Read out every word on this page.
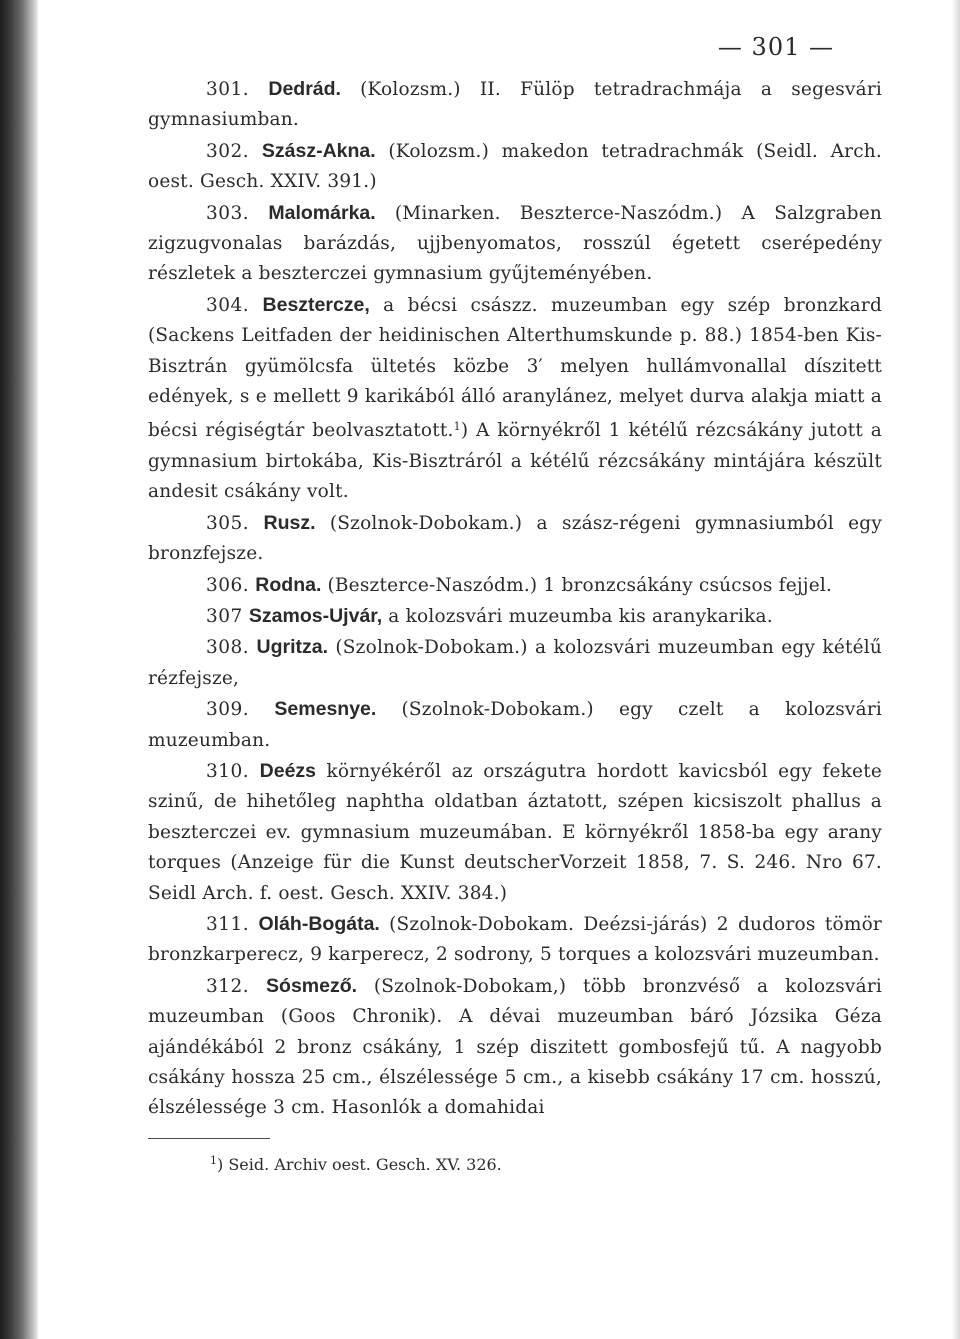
— 301 —

301. Dedrád. (Kolozsm.) II. Fülöp tetradrachmája a segesvári gymnasiumban.

302. Szász-Akna. (Kolozsm.) makedon tetradrachmák (Seidl. Arch. oest. Gesch. XXIV. 391.)

303. Malomárka. (Minarken. Beszterce-Naszódm.) A Salzgraben zigzugvonalas barázdás, ujjbenyomatos, rosszúl égetett cserépedény részletek a beszterczei gymnasium gyűjteményében.

304. Besztercze, a bécsi császz. muzeumban egy szép bronzkard (Sackens Leitfaden der heidinischen Alterthumskunde p. 88.) 1854-ben Kis-Bisztrán gyümölcsfa ültetés közbe 3′ melyen hullámvonallal díszitett edények, s e mellett 9 karikából álló aranylánez, melyet durva alakja miatt a bécsi régiségtár beolvasztatott.$^1$) A környékről 1 kétélű rézcsákány jutott a gymnasium birtokába, Kis-Bisztráról a kétélű rézcsákány mintájára készült andesit csákány volt.

305. Rusz. (Szolnok-Dobokam.) a szász-régeni gymnasiumból egy bronzfejsze.

306. Rodna. (Beszterce-Naszódm.) 1 bronzcsákány csúcsos fejjel.

307 Szamos-Ujvár, a kolozsvári muzeumba kis aranykarika.

308. Ugritza. (Szolnok-Dobokam.) a kolozsvári muzeumban egy kétélű rézfejsze,

309. Semesnye. (Szolnok-Dobokam.) egy czelt a kolozsvári muzeumban.

310. Deézs környékéről az országutra hordott kavicsból egy fekete szinű, de hihetőleg naphtha oldatban áztatott, szépen kicsiszolt phallus a beszterczei ev. gymnasium muzeumában. E környékről 1858-ba egy arany torques (Anzeige für die Kunst deutscherVorzeit 1858, 7. S. 246. Nro 67. Seidl Arch. f. oest. Gesch. XXIV. 384.)

311. Oláh-Bogáta. (Szolnok-Dobokam. Deézsi-járás) 2 dudoros tömör bronzkarperecz, 9 karperecz, 2 sodrony, 5 torques a kolozsvári muzeumban.

312. Sósmező. (Szolnok-Dobokam,) több bronzvéső a kolozsvári muzeumban (Goos Chronik). A dévai muzeumban báró Józsika Géza ajándékából 2 bronz csákány, 1 szép diszitett gombosfejű tű. A nagyobb csákány hossza 25 cm., élszélessége 5 cm., a kisebb csákány 17 cm. hosszú, élszélessége 3 cm. Hasonlók a domahidai

$^1$) Seid. Archiv oest. Gesch. XV. 326.
